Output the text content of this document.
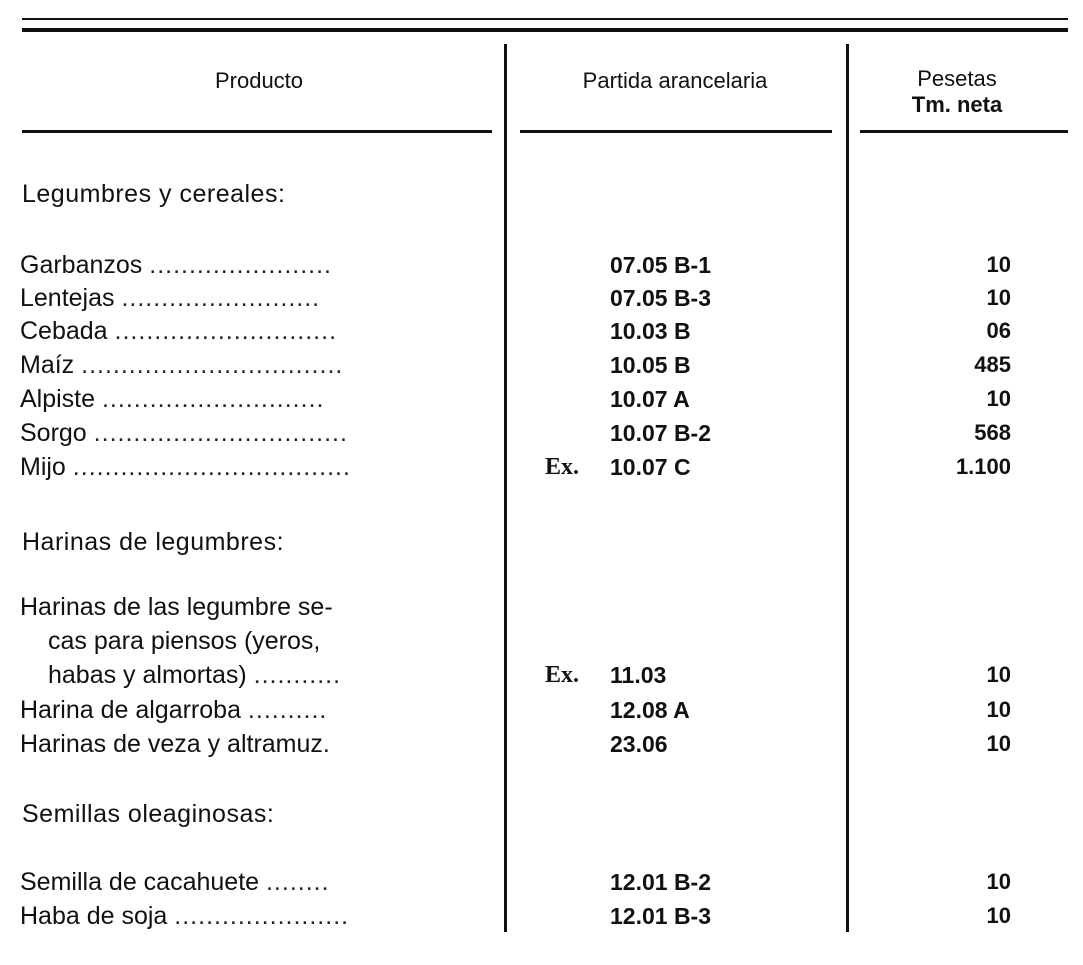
Producto	Partida arancelaria	Pesetas
Tm. neta
Legumbres y cereales:
Garbanzos .......................	07.05 B-1	10
Lentejas .........................	07.05 B-3	10
Cebada ............................	10.03 B	06
Maíz .................................	10.05 B	485
Alpiste ............................	10.07 A	10
Sorgo ................................	10.07 B-2	568
Mijo ...................................	Ex. 10.07 C	1.100
Harinas de legumbres:
Harinas de las legumbre se-
cas para piensos (yeros,
habas y almortas) ...........	Ex. 11.03	10
Harina de algarroba ..........	12.08 A	10
Harinas de veza y altramuz.	23.06	10
Semillas oleaginosas:
Semilla de cacahuete ........	12.01 B-2	10
Haba de soja ......................	12.01 B-3	10
